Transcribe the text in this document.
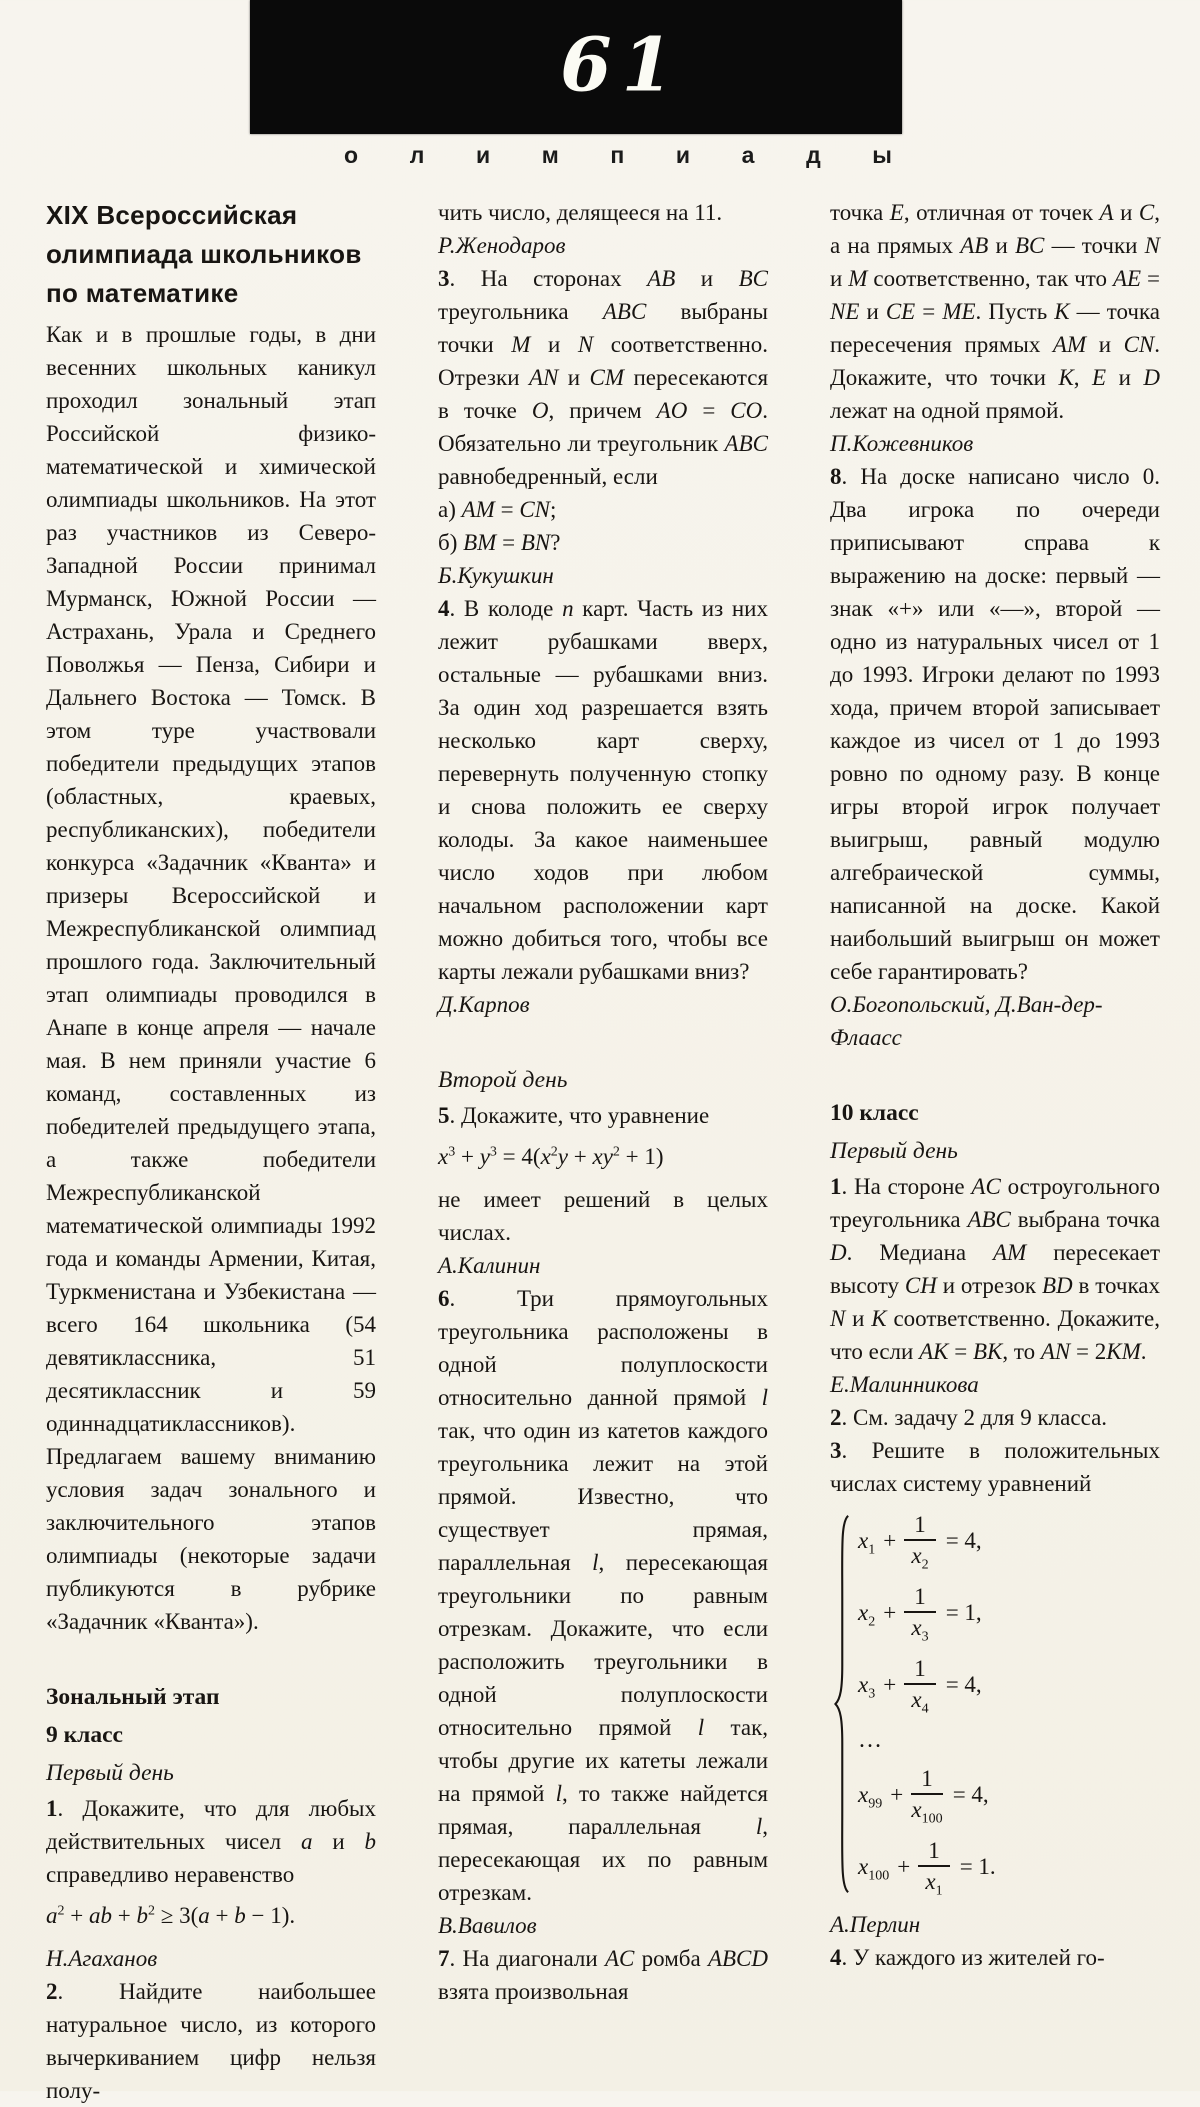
61
о л и м п и а д ы
XIX Всероссийская олимпиада школьников по математике
Как и в прошлые годы, в дни весенних школьных каникул проходил зональный этап Российской физико-математической и химической олимпиады школьников. На этот раз участников из Северо-Западной России принимал Мурманск, Южной России — Астрахань, Урала и Среднего Поволжья — Пенза, Сибири и Дальнего Востока — Томск. В этом туре участвовали победители предыдущих этапов (областных, краевых, республиканских), победители конкурса «Задачник «Кванта» и призеры Всероссийской и Межреспубликанской олимпиад прошлого года. Заключительный этап олимпиады проводился в Анапе в конце апреля — начале мая. В нем приняли участие 6 команд, составленных из победителей предыдущего этапа, а также победители Межреспубликанской математической олимпиады 1992 года и команды Армении, Китая, Туркменистана и Узбекистана — всего 164 школьника (54 девятиклассника, 51 десятиклассник и 59 одиннадцатиклассников). Предлагаем вашему вниманию условия задач зонального и заключительного этапов олимпиады (некоторые задачи публикуются в рубрике «Задачник «Кванта»).
Зональный этап
9 класс
Первый день
1. Докажите, что для любых действительных чисел a и b справедливо неравенство
$a^2$ + ab + $b^2 \ge 3(a + b - 1)$.
Н.Агаханов
2. Найдите наибольшее натуральное число, из которого вычеркиванием цифр нельзя полу-
чить число, делящееся на 11.
Р.Женодаров
3. На сторонах AB и BC треугольника ABC выбраны точки M и N соответственно. Отрезки AN и CM пересекаются в точке O, причем AO = CO. Обязательно ли треугольник ABC равнобедренный, если
а) AM = CN;
б) BM = BN?
Б.Кукушкин
4. В колоде n карт. Часть из них лежит рубашками вверх, остальные — рубашками вниз. За один ход разрешается взять несколько карт сверху, перевернуть полученную стопку и снова положить ее сверху колоды. За какое наименьшее число ходов при любом начальном расположении карт можно добиться того, чтобы все карты лежали рубашками вниз?
Д.Карпов
Второй день
5. Докажите, что уравнение
$x^3 + y^3 = 4(x^2y + xy^2 + 1)$
не имеет решений в целых числах.
А.Калинин
6. Три прямоугольных треугольника расположены в одной полуплоскости относительно данной прямой l так, что один из катетов каждого треугольника лежит на этой прямой. Известно, что существует прямая, параллельная l, пересекающая треугольники по равным отрезкам. Докажите, что если расположить треугольники в одной полуплоскости относительно прямой l так, чтобы другие их катеты лежали на прямой l, то также найдется прямая, параллельная l, пересекающая их по равным отрезкам.
В.Вавилов
7. На диагонали AC ромба ABCD взята произвольная
точка E, отличная от точек A и C, а на прямых AB и BC — точки N и M соответственно, так что AE = NE и CE = ME. Пусть K — точка пересечения прямых AM и CN. Докажите, что точки K, E и D лежат на одной прямой.
П.Кожевников
8. На доске написано число 0. Два игрока по очереди приписывают справа к выражению на доске: первый — знак «+» или «—», второй — одно из натуральных чисел от 1 до 1993. Игроки делают по 1993 хода, причем второй записывает каждое из чисел от 1 до 1993 ровно по одному разу. В конце игры второй игрок получает выигрыш, равный модулю алгебраической суммы, написанной на доске. Какой наибольший выигрыш он может себе гарантировать?
О.Богопольский, Д.Ван-дер-Флаасс
10 класс
Первый день
1. На стороне AC остроугольного треугольника ABC выбрана точка D. Медиана AM пересекает высоту CH и отрезок BD в точках N и K соответственно. Докажите, что если AK = BK, то AN = 2KM.
Е.Малинникова
2. См. задачу 2 для 9 класса.
3. Решите в положительных числах систему уравнений
$x_1 + \frac{1}{x_2} = 4$,
$x_2 + \frac{1}{x_3} = 1$,
$x_3 + \frac{1}{x_4} = 4$,
…
$x_{99} + \frac{1}{x_{100}} = 4$,
$x_{100} + \frac{1}{x_1} = 1$.
А.Перлин
4. У каждого из жителей го-
